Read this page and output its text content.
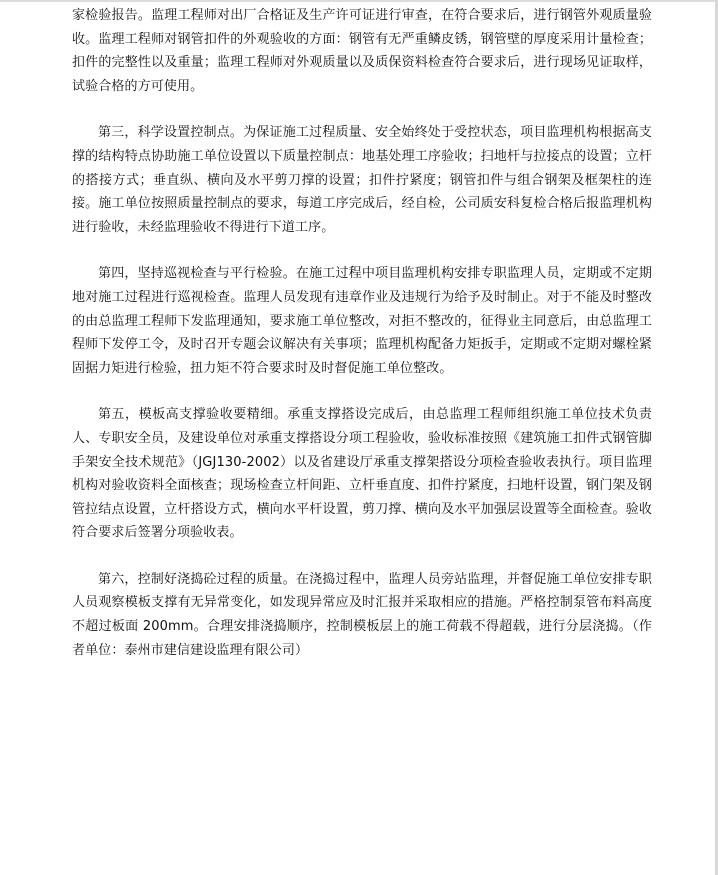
家检验报告。监理工程师对出厂合格证及生产许可证进行审查，在符合要求后，进行钢管外观质量验收。监理工程师对钢管扣件的外观验收的方面：钢管有无严重鳞皮锈，钢管壁的厚度采用计量检查；扣件的完整性以及重量；监理工程师对外观质量以及质保资料检查符合要求后，进行现场见证取样，试验合格的方可使用。

第三，科学设置控制点。为保证施工过程质量、安全始终处于受控状态，项目监理机构根据高支撑的结构特点协助施工单位设置以下质量控制点：地基处理工序验收；扫地杆与拉接点的设置；立杆的搭接方式；垂直纵、横向及水平剪刀撑的设置；扣件拧紧度；钢管扣件与组合钢架及框架柱的连接。施工单位按照质量控制点的要求，每道工序完成后，经自检，公司质安科复检合格后报监理机构进行验收，未经监理验收不得进行下道工序。

第四，坚持巡视检查与平行检验。在施工过程中项目监理机构安排专职监理人员，定期或不定期地对施工过程进行巡视检查。监理人员发现有违章作业及违规行为给予及时制止。对于不能及时整改的由总监理工程师下发监理通知，要求施工单位整改，对拒不整改的，征得业主同意后，由总监理工程师下发停工令，及时召开专题会议解决有关事项；监理机构配备力矩扳手，定期或不定期对螺栓紧固据力矩进行检验，扭力矩不符合要求时及时督促施工单位整改。

第五，模板高支撑验收要精细。承重支撑搭设完成后，由总监理工程师组织施工单位技术负责人、专职安全员，及建设单位对承重支撑搭设分项工程验收，验收标准按照《建筑施工扣件式钢管脚手架安全技术规范》（JGJ130-2002）以及省建设厅承重支撑架搭设分项检查验收表执行。项目监理机构对验收资料全面核查；现场检查立杆间距、立杆垂直度、扣件拧紧度，扫地杆设置，钢门架及钢管拉结点设置，立杆搭设方式，横向水平杆设置，剪刀撑、横向及水平加强层设置等全面检查。验收符合要求后签署分项验收表。

第六，控制好浇捣砼过程的质量。在浇捣过程中，监理人员旁站监理，并督促施工单位安排专职人员观察模板支撑有无异常变化，如发现异常应及时汇报并采取相应的措施。严格控制泵管布料高度不超过板面 200mm。合理安排浇捣顺序，控制模板层上的施工荷载不得超载，进行分层浇捣。（作者单位：泰州市建信建设监理有限公司）
